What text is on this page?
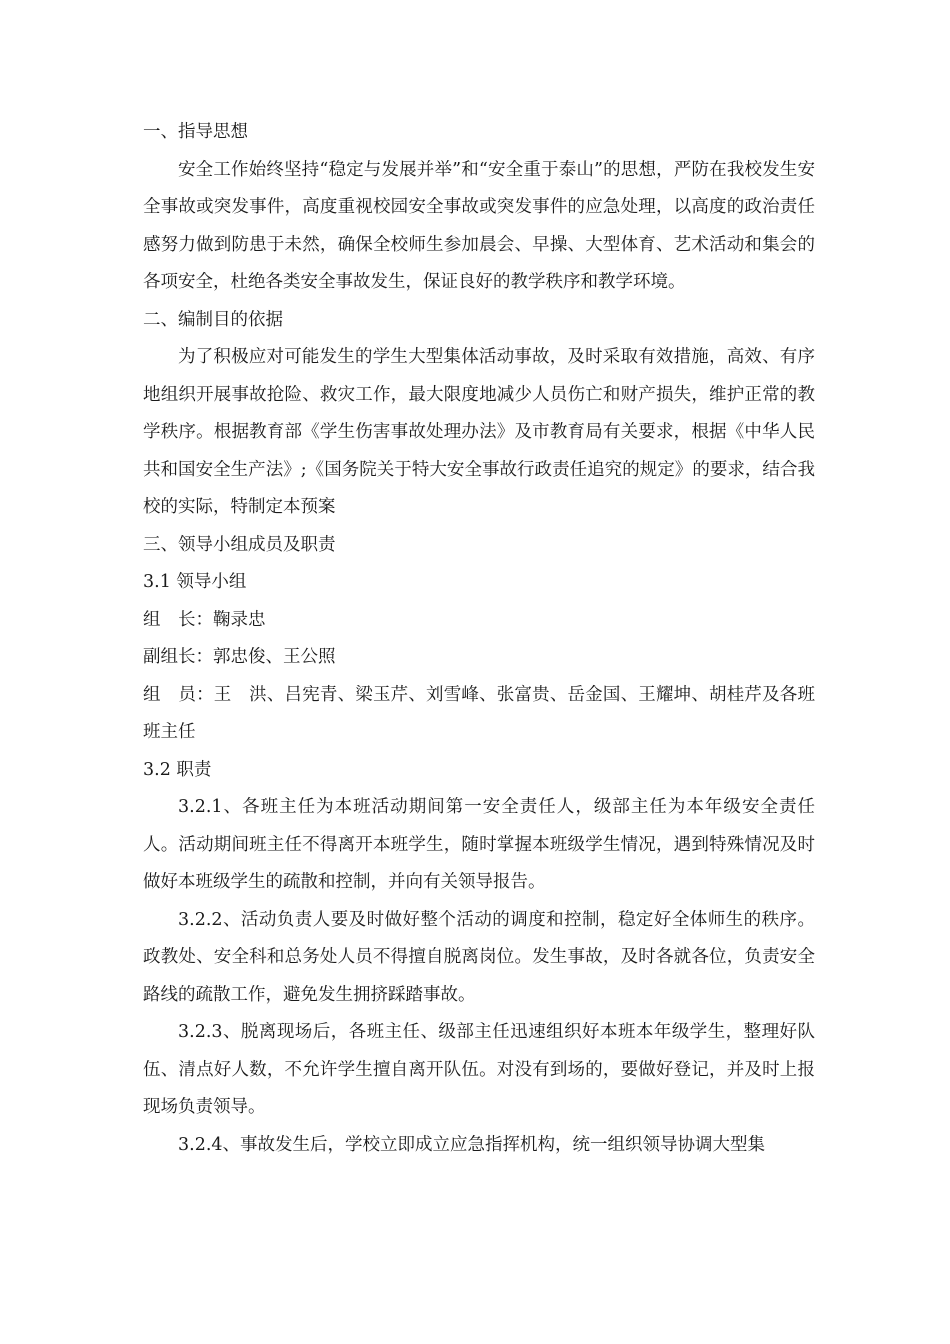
一、指导思想

安全工作始终坚持“稳定与发展并举”和“安全重于泰山”的思想，严防在我校发生安全事故或突发事件，高度重视校园安全事故或突发事件的应急处理，以高度的政治责任感努力做到防患于未然，确保全校师生参加晨会、早操、大型体育、艺术活动和集会的各项安全，杜绝各类安全事故发生，保证良好的教学秩序和教学环境。

二、编制目的依据

为了积极应对可能发生的学生大型集体活动事故，及时采取有效措施，高效、有序地组织开展事故抢险、救灾工作，最大限度地减少人员伤亡和财产损失，维护正常的教学秩序。根据教育部《学生伤害事故处理办法》及市教育局有关要求，根据《中华人民共和国安全生产法》;《国务院关于特大安全事故行政责任追究的规定》的要求，结合我校的实际，特制定本预案

三、领导小组成员及职责

3.1 领导小组

组　长：鞠录忠

副组长：郭忠俊、王公照

组　员：王　洪、吕宪青、梁玉芹、刘雪峰、张富贵、岳金国、王耀坤、胡桂芹及各班班主任

3.2 职责

3.2.1、各班主任为本班活动期间第一安全责任人，级部主任为本年级安全责任人。活动期间班主任不得离开本班学生，随时掌握本班级学生情况，遇到特殊情况及时做好本班级学生的疏散和控制，并向有关领导报告。

3.2.2、活动负责人要及时做好整个活动的调度和控制，稳定好全体师生的秩序。政教处、安全科和总务处人员不得擅自脱离岗位。发生事故，及时各就各位，负责安全路线的疏散工作，避免发生拥挤踩踏事故。

3.2.3、脱离现场后，各班主任、级部主任迅速组织好本班本年级学生，整理好队伍、清点好人数，不允许学生擅自离开队伍。对没有到场的，要做好登记，并及时上报现场负责领导。

3.2.4、事故发生后，学校立即成立应急指挥机构，统一组织领导协调大型集
